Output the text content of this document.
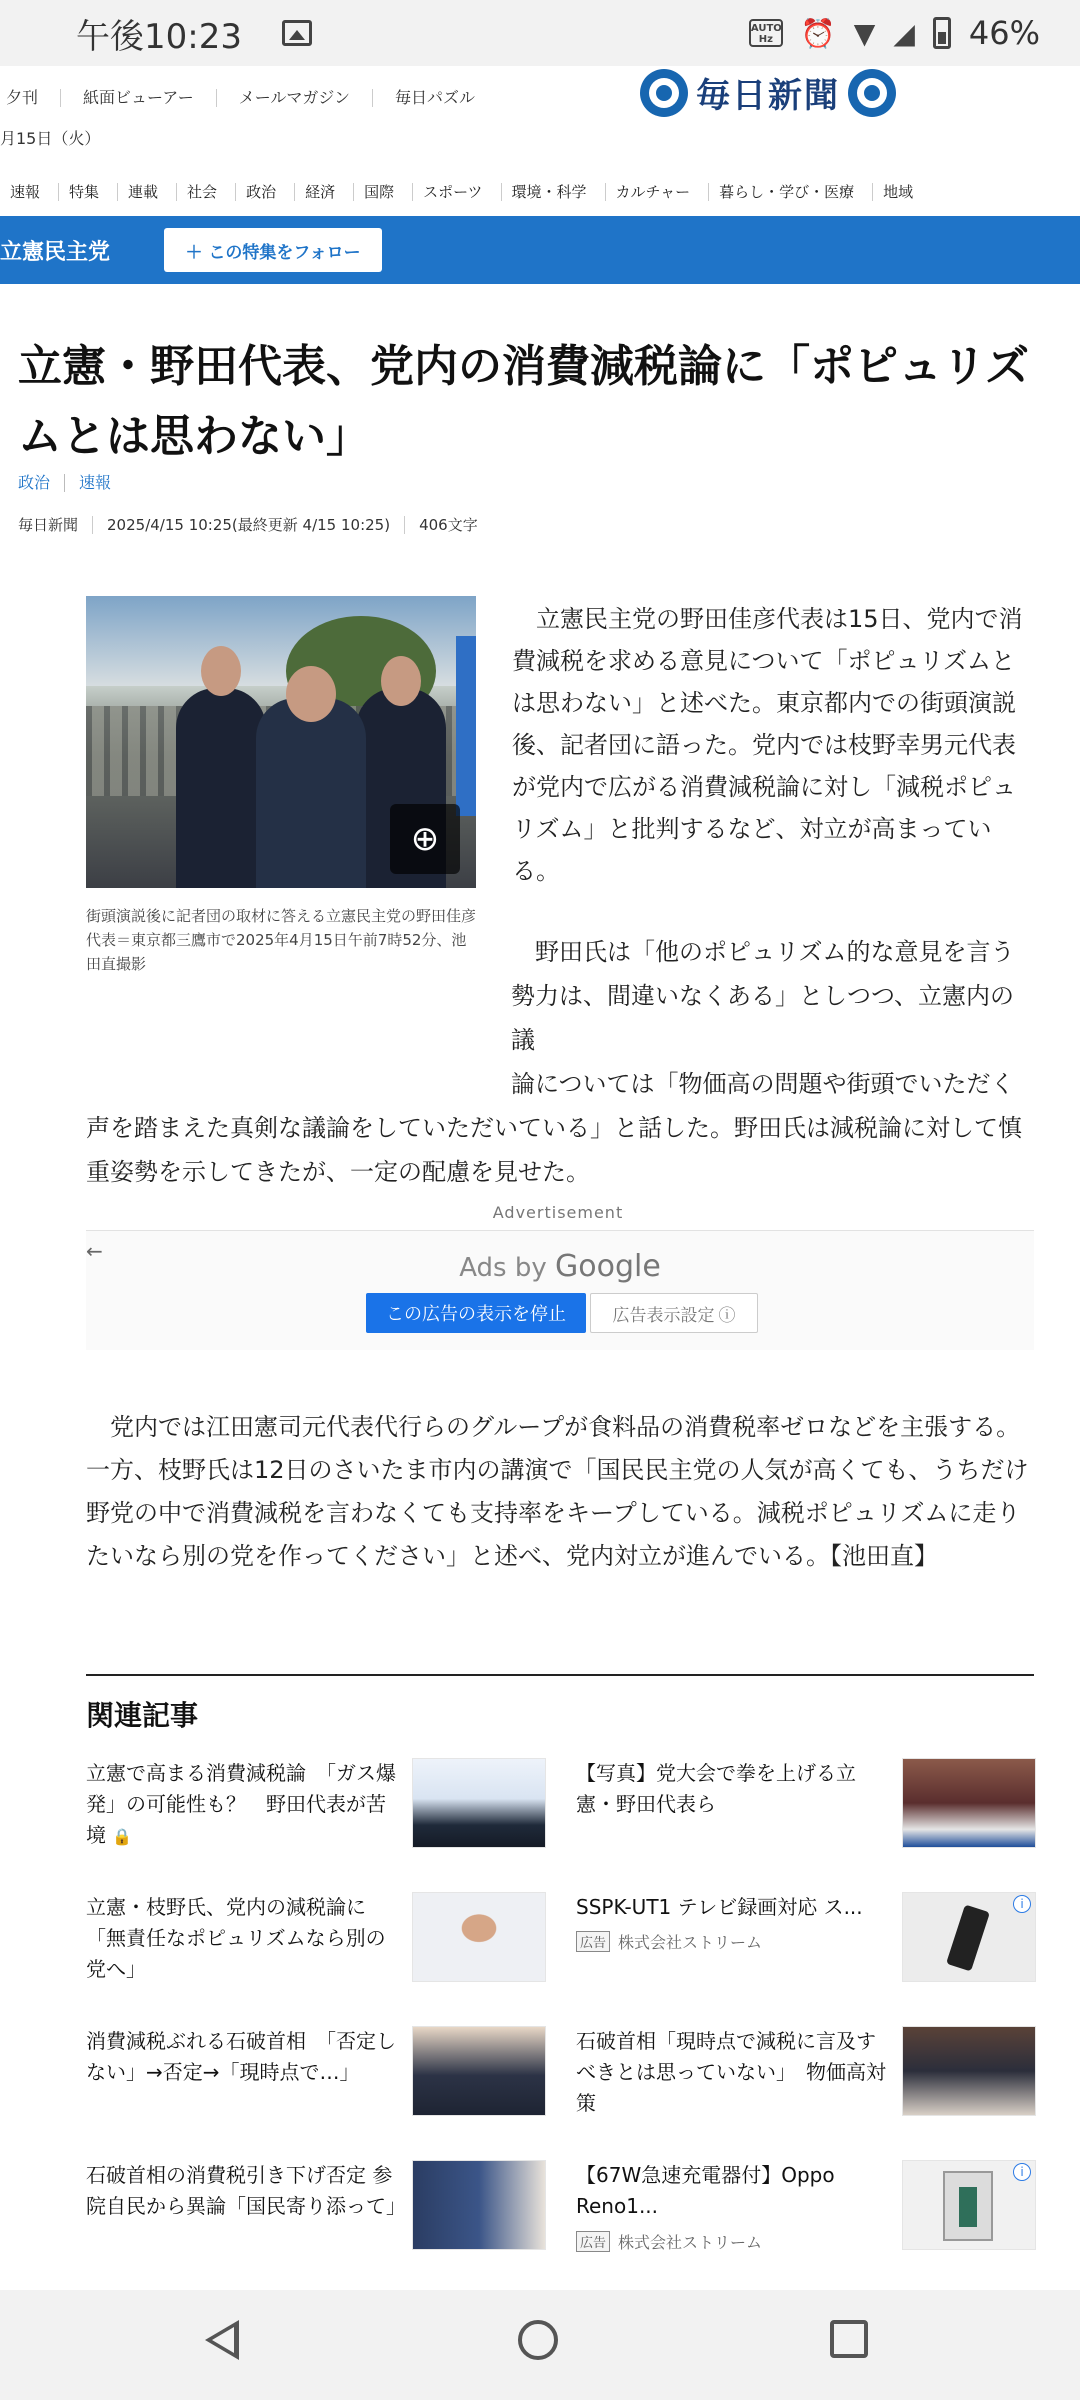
午後10:23	AUTO
Hz ⏰ ▼ ◢ 46%
夕刊	紙面ビューアー	メールマガジン	毎日パズル	毎日新聞
月15日（火）
速報	特集	連載	社会	政治	経済	国際	スポーツ	環境・科学	カルチャー	暮らし・学び・医療	地域
立憲民主党	＋ この特集をフォロー
立憲・野田代表、党内の消費減税論に「ポピュリズムとは思わない」
政治	速報
毎日新聞	2025/4/15 10:25(最終更新 4/15 10:25)	406文字
⊕
街頭演説後に記者団の取材に答える立憲民主党の野田佳彦代表＝東京都三鷹市で2025年4月15日午前7時52分、池田直撮影

立憲民主党の野田佳彦代表は15日、党内で消費減税を求める意見について「ポピュリズムとは思わない」と述べた。東京都内での街頭演説後、記者団に語った。党内では枝野幸男元代表が党内で広がる消費減税論に対し「減税ポピュリズム」と批判するなど、対立が高まっている。

野田氏は「他のポピュリズム的な意見を言う
勢力は、間違いなくある」としつつ、立憲内の議
論については「物価高の問題や街頭でいただく
声を踏まえた真剣な議論をしていただいている」と話した。野田氏は減税論に対して慎重姿勢を示してきたが、一定の配慮を見せた。

Advertisement
←
Ads by Google
この広告の表示を停止	広告表示設定 ⓘ

党内では江田憲司元代表代行らのグループが食料品の消費税率ゼロなどを主張する。一方、枝野氏は12日のさいたま市内の講演で「国民民主党の人気が高くても、うちだけ野党の中で消費減税を言わなくても支持率をキープしている。減税ポピュリズムに走りたいなら別の党を作ってください」と述べ、党内対立が進んでいる。【池田直】

関連記事
立憲で高まる消費減税論　「ガス爆発」の可能性も？　野田代表が苦境 🔒
【写真】党大会で拳を上げる立憲・野田代表ら
立憲・枝野氏、党内の減税論に「無責任なポピュリズムなら別の党へ」
SSPK-UT1 テレビ録画対応 ス...
広告 株式会社ストリーム
i
消費減税ぶれる石破首相　「否定しない」→否定→「現時点で…」
石破首相「現時点で減税に言及すべきとは思っていない」　物価高対策
石破首相の消費税引き下げ否定 参院自民から異論「国民寄り添って」
【67W急速充電器付】Oppo Reno1...
広告 株式会社ストリーム
i
